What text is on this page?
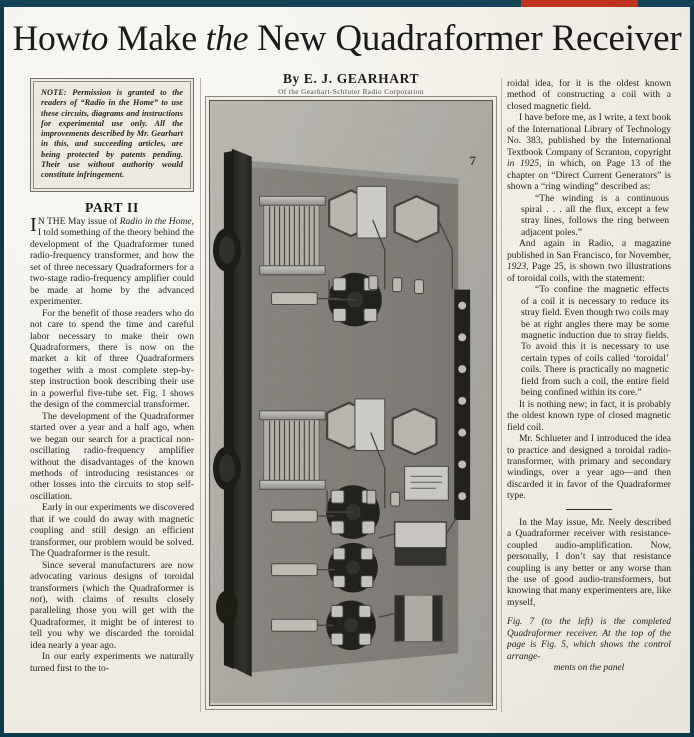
Howto Make the New Quadraformer Receiver
By E. J. GEARHART
Of the Gearhart-Schluter Radio Corporation

NOTE: Permission is granted to the readers of “Radio in the Home” to use these circuits, diagrams and instructions for experimental use only. All the improvements described by Mr. Gearhart in this, and succeeding articles, are being protected by patents pending. Their use without authority would constitute infringement.

PART II

I N THE May issue of Radio in the Home, I told something of the theory behind the development of the Quadraformer tuned radio-frequency transformer, and how the set of three necessary Quadraformers for a two-stage radio-frequency amplifier could be made at home by the advanced experimenter.

For the benefit of those readers who do not care to spend the time and careful labor necessary to make their own Quadraformers, there is now on the market a kit of three Quadraformers together with a most complete step-by-step instruction book describing their use in a powerful five-tube set. Fig. 1 shows the design of the commercial transformer.

The development of the Quadraformer started over a year and a half ago, when we began our search for a practical non-oscillating radio-frequency amplifier without the disadvantages of the known methods of introducing resistances or other losses into the circuits to stop self-oscillation.

Early in our experiments we discovered that if we could do away with magnetic coupling and still design an efficient transformer, our problem would be solved. The Quadraformer is the result.

Since several manufacturers are now advocating various designs of toroidal transformers (which the Quadraformer is not), with claims of results closely paralleling those you will get with the Quadraformer, it might be of interest to tell you why we discarded the toroidal idea nearly a year ago.

In our early experiments we naturally turned first to the to-

roidal idea, for it is the oldest known method of constructing a coil with a closed magnetic field.

I have before me, as I write, a text book of the International Library of Technology No. 383, published by the International Textbook Company of Scranton, copyright in 1925, in which, on Page 13 of the chapter on “Direct Current Generators” is shown a “ring winding” described as:

“The winding is a continuous spiral . . . all the flux, except a few stray lines, follows the ring between adjacent poles.”

And again in Radio, a magazine published in San Francisco, for November, 1923, Page 25, is shown two illustrations of toroidal coils, with the statement:

“To confine the magnetic effects of a coil it is necessary to reduce its stray field. Even though two coils may be at right angles there may be some magnetic induction due to stray fields. To avoid this it is necessary to use certain types of coils called ‘toroidal’ coils. There is practically no magnetic field from such a coil, the entire field being confined within its core.”

It is nothing new; in fact, it is probably the oldest known type of closed magnetic field coil.

Mr. Schlueter and I introduced the idea to practice and designed a toroidal radio-transformer, with primary and secondary windings, over a year ago—and then discarded it in favor of the Quadraformer type.

In the May issue, Mr. Neely described a Quadraformer receiver with resistance-coupled audio-amplification. Now, personally, I don’t say that resistance coupling is any better or any worse than the use of good audio-transformers, but knowing that many experimenters are, like myself,

Fig. 7 (to the left) is the completed Quadraformer receiver. At the top of the page is Fig. 5, which shows the control arrange-
ments on the panel
7
